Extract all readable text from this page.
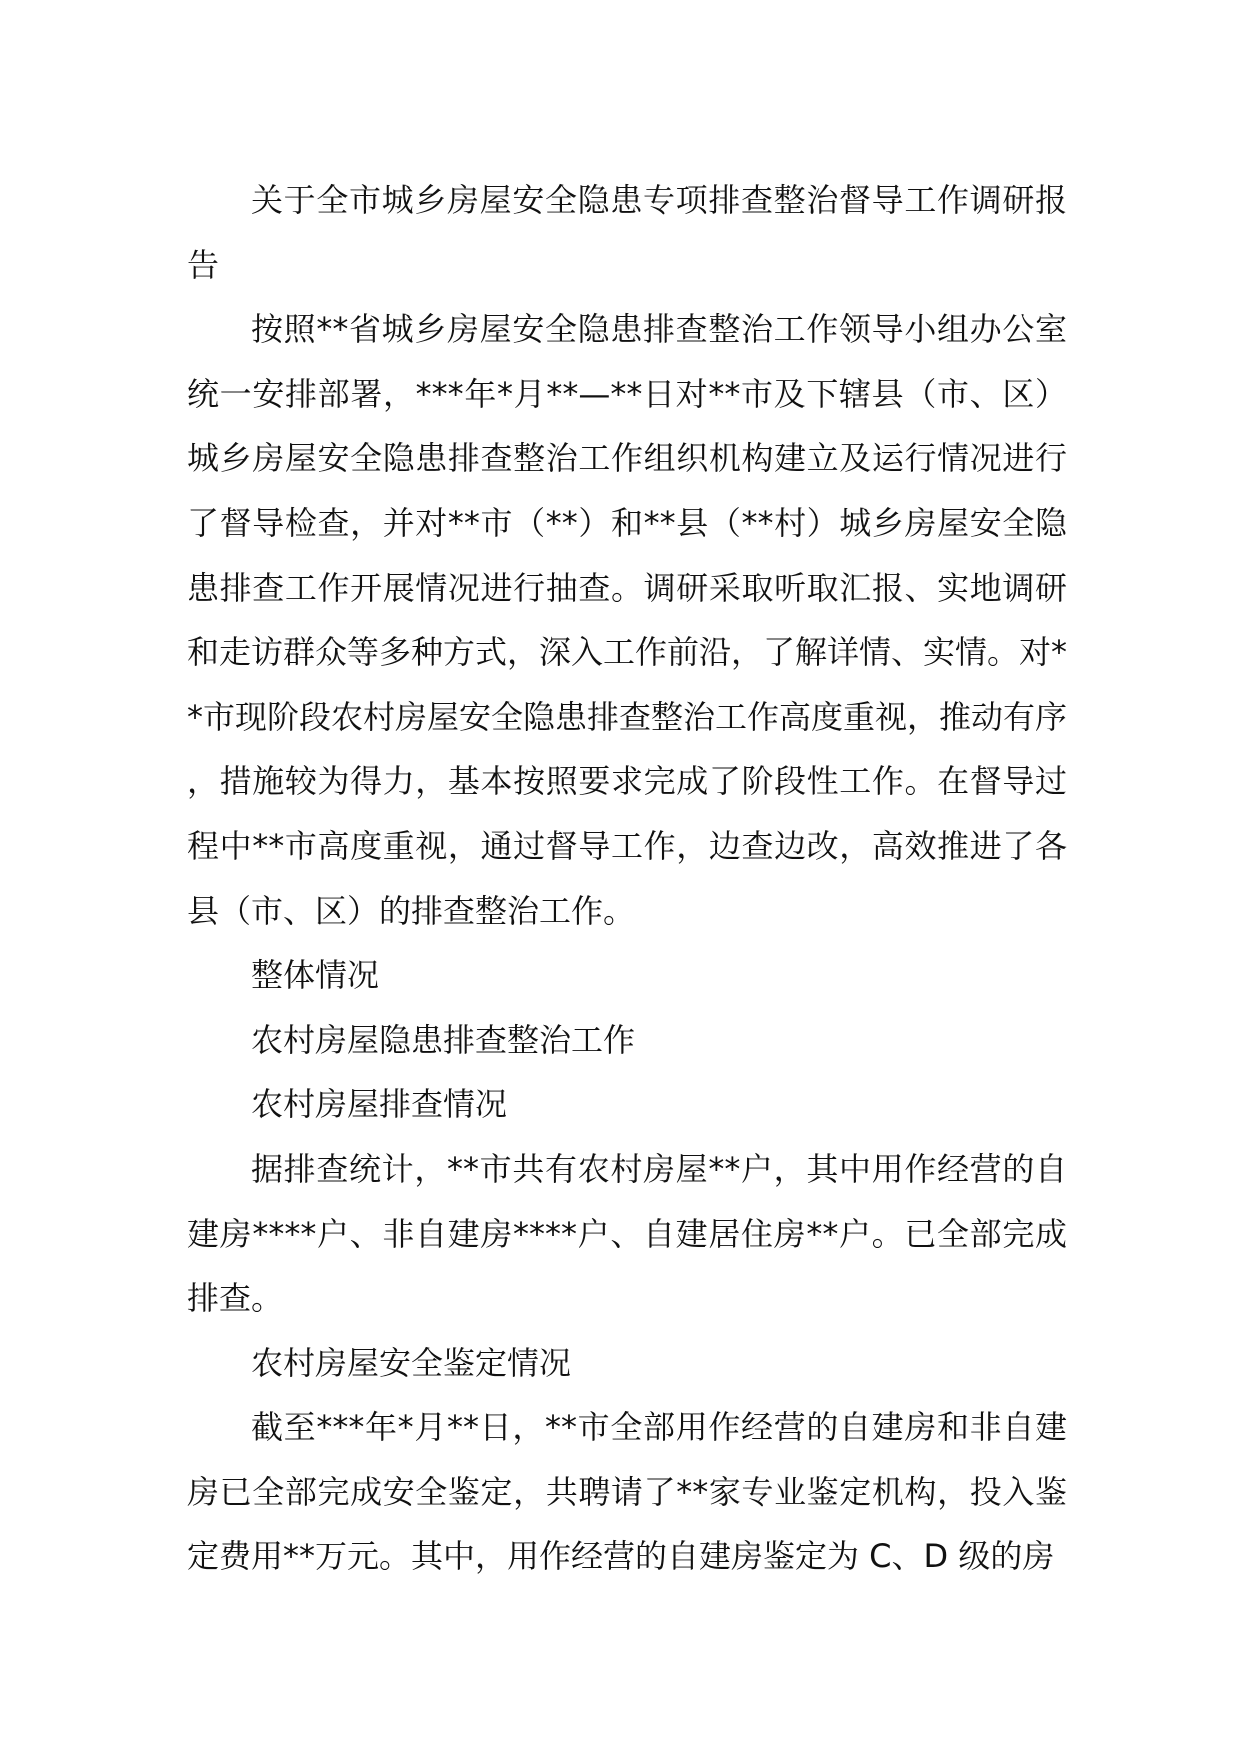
关于全市城乡房屋安全隐患专项排查整治督导工作调研报告

按照**省城乡房屋安全隐患排查整治工作领导小组办公室统一安排部署，***年*月**—**日对**市及下辖县（市、区）城乡房屋安全隐患排查整治工作组织机构建立及运行情况进行了督导检查，并对**市（**）和**县（**村）城乡房屋安全隐患排查工作开展情况进行抽查。调研采取听取汇报、实地调研和走访群众等多种方式，深入工作前沿，了解详情、实情。对**市现阶段农村房屋安全隐患排查整治工作高度重视，推动有序，措施较为得力，基本按照要求完成了阶段性工作。在督导过程中**市高度重视，通过督导工作，边查边改，高效推进了各县（市、区）的排查整治工作。

整体情况

农村房屋隐患排查整治工作

农村房屋排查情况

据排查统计，**市共有农村房屋**户，其中用作经营的自建房****户、非自建房****户、自建居住房**户。已全部完成排查。

农村房屋安全鉴定情况

截至***年*月**日，**市全部用作经营的自建房和非自建房已全部完成安全鉴定，共聘请了**家专业鉴定机构，投入鉴定费用**万元。其中，用作经营的自建房鉴定为 C、D 级的房
